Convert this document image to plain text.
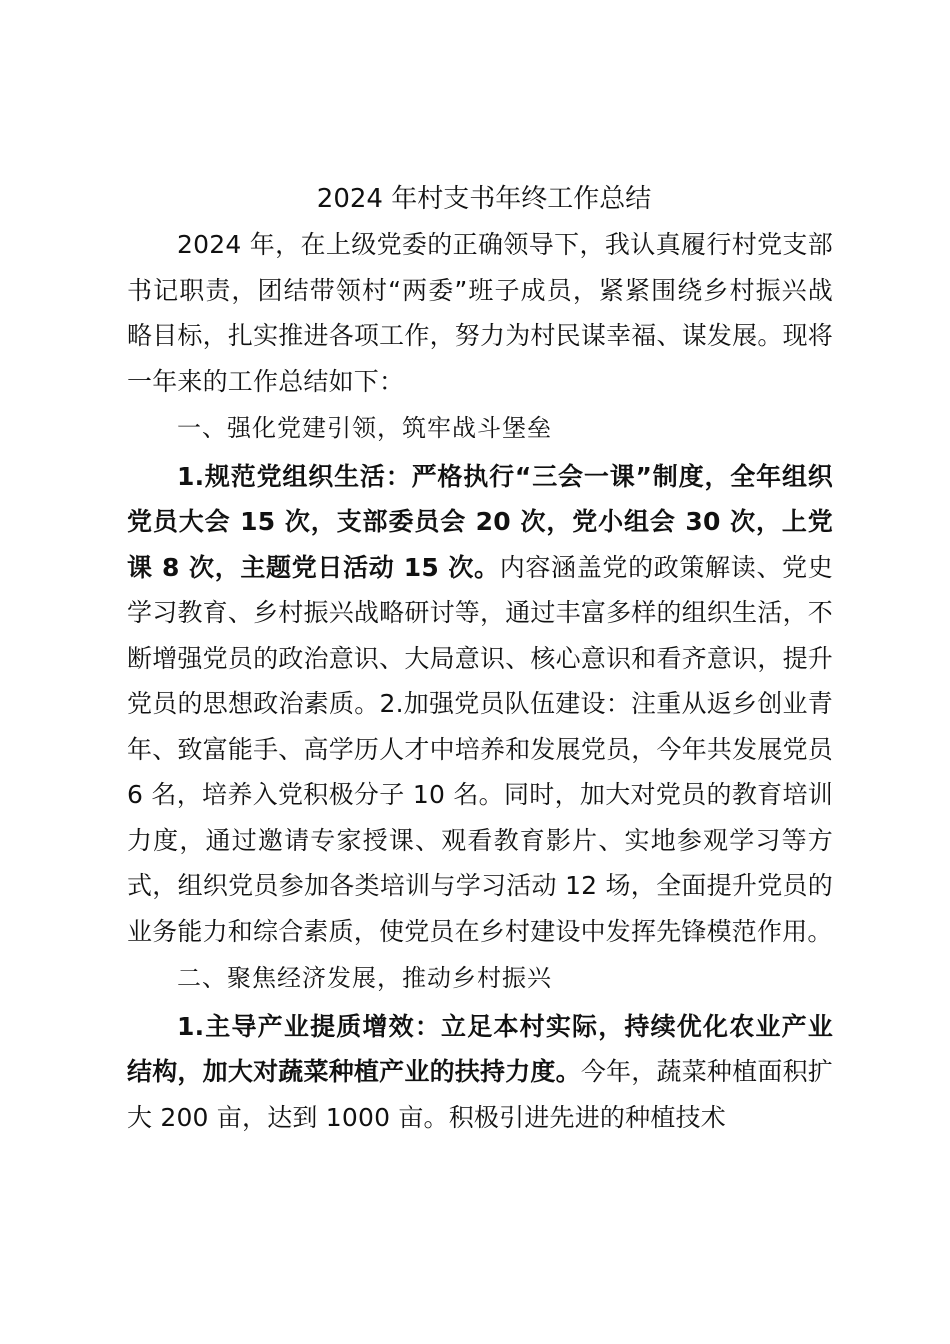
2024 年村支书年终工作总结

2024 年，在上级党委的正确领导下，我认真履行村党支部书记职责，团结带领村“两委”班子成员，紧紧围绕乡村振兴战略目标，扎实推进各项工作，努力为村民谋幸福、谋发展。现将一年来的工作总结如下：

一、强化党建引领，筑牢战斗堡垒

1.规范党组织生活：严格执行“三会一课”制度，全年组织党员大会 15 次，支部委员会 20 次，党小组会 30 次，上党课 8 次，主题党日活动 15 次。内容涵盖党的政策解读、党史学习教育、乡村振兴战略研讨等，通过丰富多样的组织生活，不断增强党员的政治意识、大局意识、核心意识和看齐意识，提升党员的思想政治素质。2.加强党员队伍建设：注重从返乡创业青年、致富能手、高学历人才中培养和发展党员，今年共发展党员 6 名，培养入党积极分子 10 名。同时，加大对党员的教育培训力度，通过邀请专家授课、观看教育影片、实地参观学习等方式，组织党员参加各类培训与学习活动 12 场，全面提升党员的业务能力和综合素质，使党员在乡村建设中发挥先锋模范作用。

二、聚焦经济发展，推动乡村振兴

1.主导产业提质增效：立足本村实际，持续优化农业产业结构，加大对蔬菜种植产业的扶持力度。今年，蔬菜种植面积扩大 200 亩，达到 1000 亩。积极引进先进的种植技术
